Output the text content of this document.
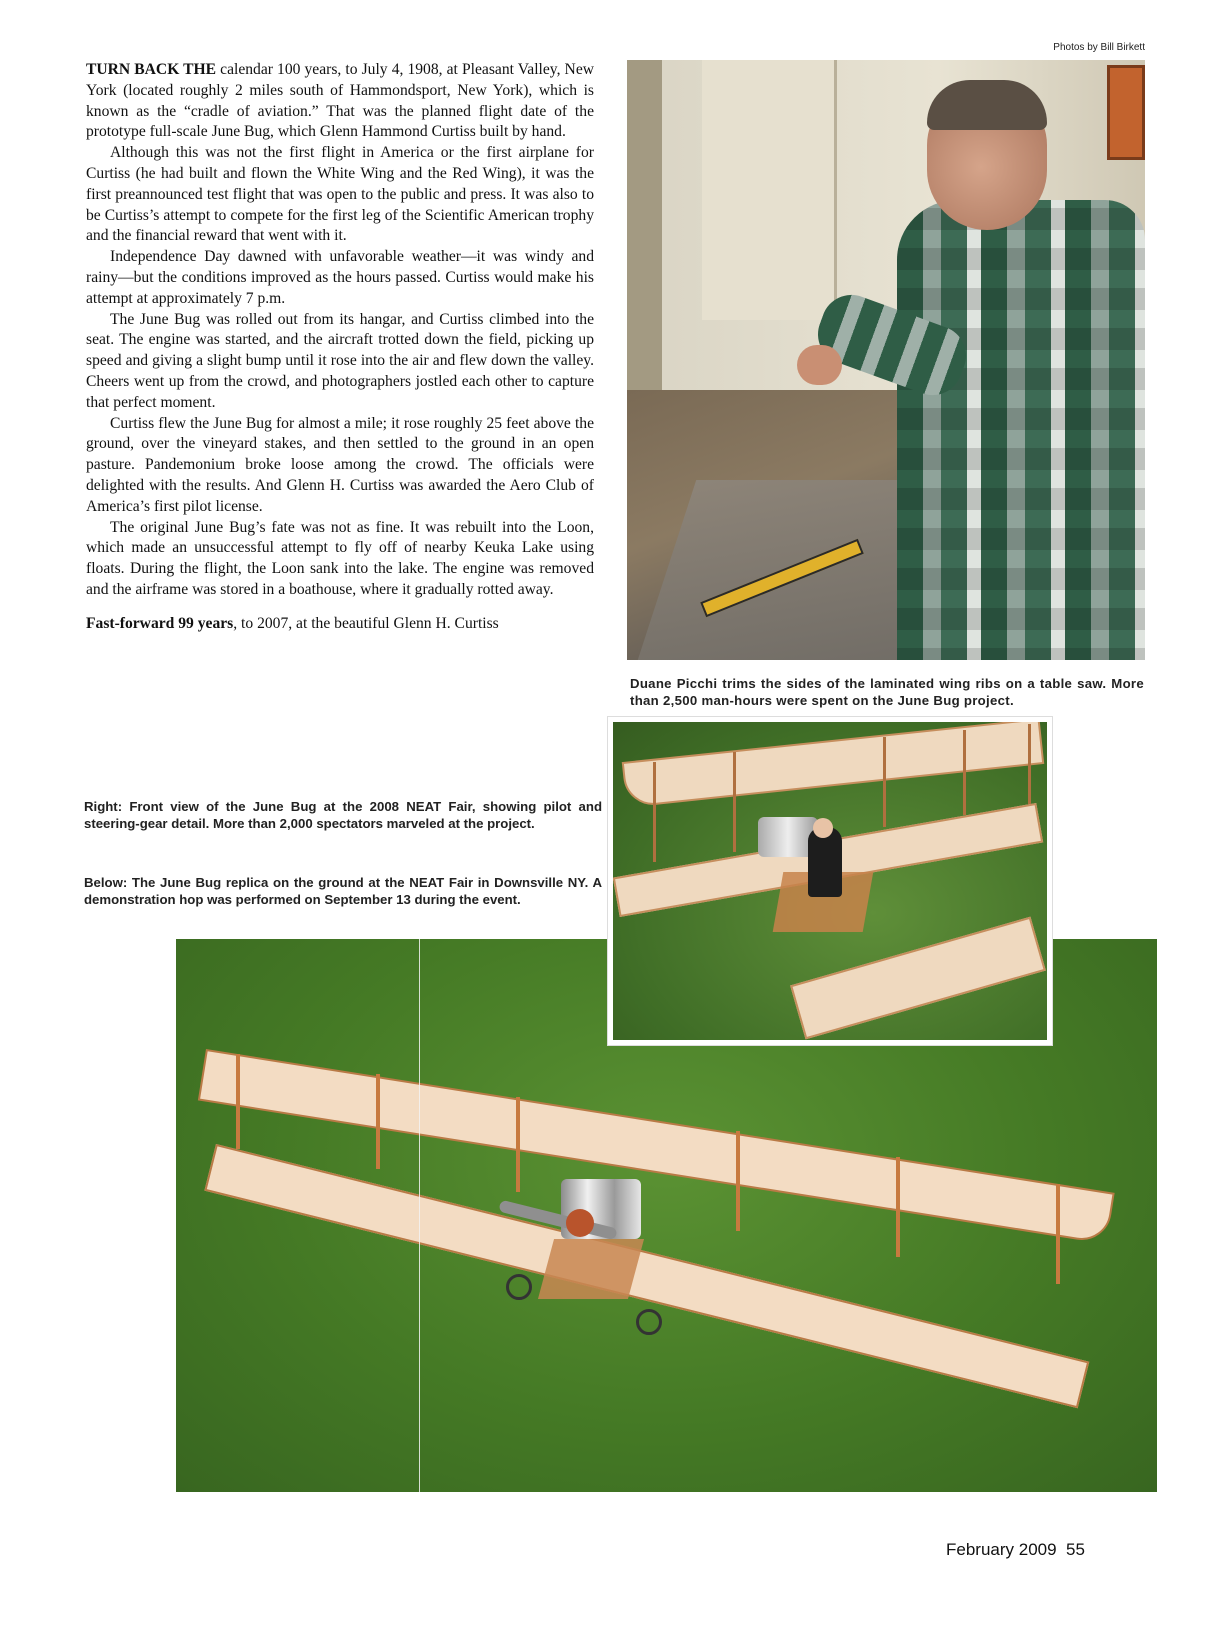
Photos by Bill Birkett

TURN BACK THE calendar 100 years, to July 4, 1908, at Pleasant Valley, New York (located roughly 2 miles south of Hammondsport, New York), which is known as the “cradle of aviation.” That was the planned flight date of the prototype full-scale June Bug, which Glenn Hammond Curtiss built by hand.

Although this was not the first flight in America or the first airplane for Curtiss (he had built and flown the White Wing and the Red Wing), it was the first preannounced test flight that was open to the public and press. It was also to be Curtiss’s attempt to compete for the first leg of the Scientific American trophy and the financial reward that went with it.

Independence Day dawned with unfavorable weather—it was windy and rainy—but the conditions improved as the hours passed. Curtiss would make his attempt at approximately 7 p.m.

The June Bug was rolled out from its hangar, and Curtiss climbed into the seat. The engine was started, and the aircraft trotted down the field, picking up speed and giving a slight bump until it rose into the air and flew down the valley. Cheers went up from the crowd, and photographers jostled each other to capture that perfect moment.

Curtiss flew the June Bug for almost a mile; it rose roughly 25 feet above the ground, over the vineyard stakes, and then settled to the ground in an open pasture. Pandemonium broke loose among the crowd. The officials were delighted with the results. And Glenn H. Curtiss was awarded the Aero Club of America’s first pilot license.

The original June Bug’s fate was not as fine. It was rebuilt into the Loon, which made an unsuccessful attempt to fly off of nearby Keuka Lake using floats. During the flight, the Loon sank into the lake. The engine was removed and the airframe was stored in a boathouse, where it gradually rotted away.

Fast-forward 99 years, to 2007, at the beautiful Glenn H. Curtiss

Duane Picchi trims the sides of the laminated wing ribs on a table saw. More than 2,500 man-hours were spent on the June Bug project.
Right: Front view of the June Bug at the 2008 NEAT Fair, showing pilot and steering-gear detail. More than 2,000 spectators marveled at the project.
Below: The June Bug replica on the ground at the NEAT Fair in Downsville NY. A demonstration hop was performed on September 13 during the event.
February 2009 55
